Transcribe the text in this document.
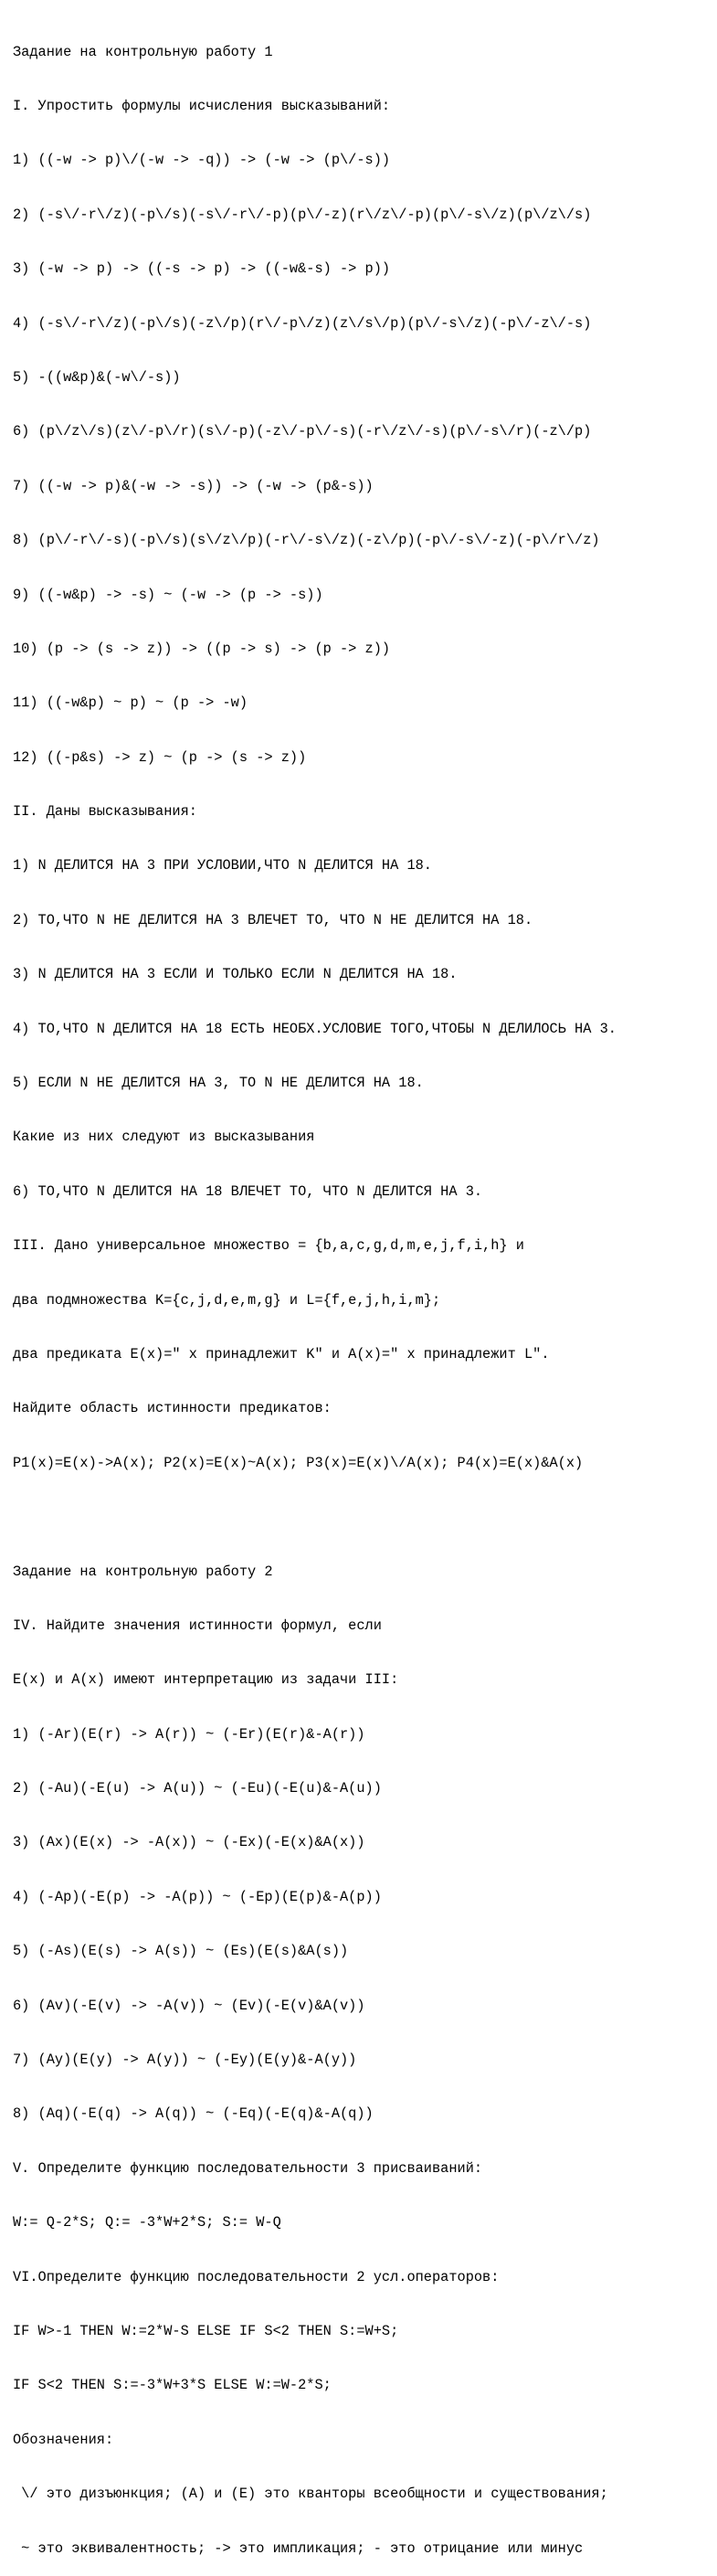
Задание на контрольную работу 1

I. Упростить формулы исчисления высказываний:

1) ((-w -> p)\/(-w -> -q)) -> (-w -> (p\/-s))

2) (-s\/-r\/z)(-p\/s)(-s\/-r\/-p)(p\/-z)(r\/z\/-p)(p\/-s\/z)(p\/z\/s)

3) (-w -> p) -> ((-s -> p) -> ((-w&-s) -> p))

4) (-s\/-r\/z)(-p\/s)(-z\/p)(r\/-p\/z)(z\/s\/p)(p\/-s\/z)(-p\/-z\/-s)

5) -((w&p)&(-w\/-s))

6) (p\/z\/s)(z\/-p\/r)(s\/-p)(-z\/-p\/-s)(-r\/z\/-s)(p\/-s\/r)(-z\/p)

7) ((-w -> p)&(-w -> -s)) -> (-w -> (p&-s))

8) (p\/-r\/-s)(-p\/s)(s\/z\/p)(-r\/-s\/z)(-z\/p)(-p\/-s\/-z)(-p\/r\/z)

9) ((-w&p) -> -s) ~ (-w -> (p -> -s))

10) (p -> (s -> z)) -> ((p -> s) -> (p -> z))

11) ((-w&p) ~ p) ~ (p -> -w)

12) ((-p&s) -> z) ~ (p -> (s -> z))

II. Даны высказывания:

1) N ДЕЛИТСЯ НА 3 ПРИ УСЛОВИИ,ЧТО N ДЕЛИТСЯ НА 18.

2) ТО,ЧТО N НЕ ДЕЛИТСЯ НА 3 ВЛЕЧЕТ ТО, ЧТО N НЕ ДЕЛИТСЯ НА 18.

3) N ДЕЛИТСЯ НА 3 ЕСЛИ И ТОЛЬКО ЕСЛИ N ДЕЛИТСЯ НА 18.

4) ТО,ЧТО N ДЕЛИТСЯ НА 18 ЕСТЬ НЕОБХ.УСЛОВИЕ ТОГО,ЧТОБЫ N ДЕЛИЛОСЬ НА 3.

5) ЕСЛИ N НЕ ДЕЛИТСЯ НА 3, ТО N НЕ ДЕЛИТСЯ НА 18.

Какие из них следуют из высказывания

6) ТО,ЧТО N ДЕЛИТСЯ НА 18 ВЛЕЧЕТ ТО, ЧТО N ДЕЛИТСЯ НА 3.

III. Дано универсальное множество = {b,a,c,g,d,m,e,j,f,i,h} и

два подмножества K={c,j,d,e,m,g} и L={f,e,j,h,i,m};

два предиката E(x)=" x принадлежит K" и A(x)=" x принадлежит L".

Найдите область истинности предикатов:

P1(x)=E(x)->A(x); P2(x)=E(x)~A(x); P3(x)=E(x)\/A(x); P4(x)=E(x)&A(x)

Задание на контрольную работу 2

IV. Найдите значения истинности формул, если

E(x) и A(x) имеют интерпретацию из задачи III:

1) (-Ar)(E(r) -> A(r)) ~ (-Er)(E(r)&-A(r))

2) (-Au)(-E(u) -> A(u)) ~ (-Eu)(-E(u)&-A(u))

3) (Ax)(E(x) -> -A(x)) ~ (-Ex)(-E(x)&A(x))

4) (-Ap)(-E(p) -> -A(p)) ~ (-Ep)(E(p)&-A(p))

5) (-As)(E(s) -> A(s)) ~ (Es)(E(s)&A(s))

6) (Av)(-E(v) -> -A(v)) ~ (Ev)(-E(v)&A(v))

7) (Ay)(E(y) -> A(y)) ~ (-Ey)(E(y)&-A(y))

8) (Aq)(-E(q) -> A(q)) ~ (-Eq)(-E(q)&-A(q))

V. Определите функцию последовательности 3 присваиваний:

W:= Q-2*S; Q:= -3*W+2*S; S:= W-Q

VI.Определите функцию последовательности 2 усл.операторов:

IF W>-1 THEN W:=2*W-S ELSE IF S<2 THEN S:=W+S;

IF S<2 THEN S:=-3*W+3*S ELSE W:=W-2*S;

Обозначения:

\/ это дизъюнкция; (A) и (E) это кванторы всеобщности и существования;

~ это эквивалентность; -> это импликация; - это отрицание или минус
